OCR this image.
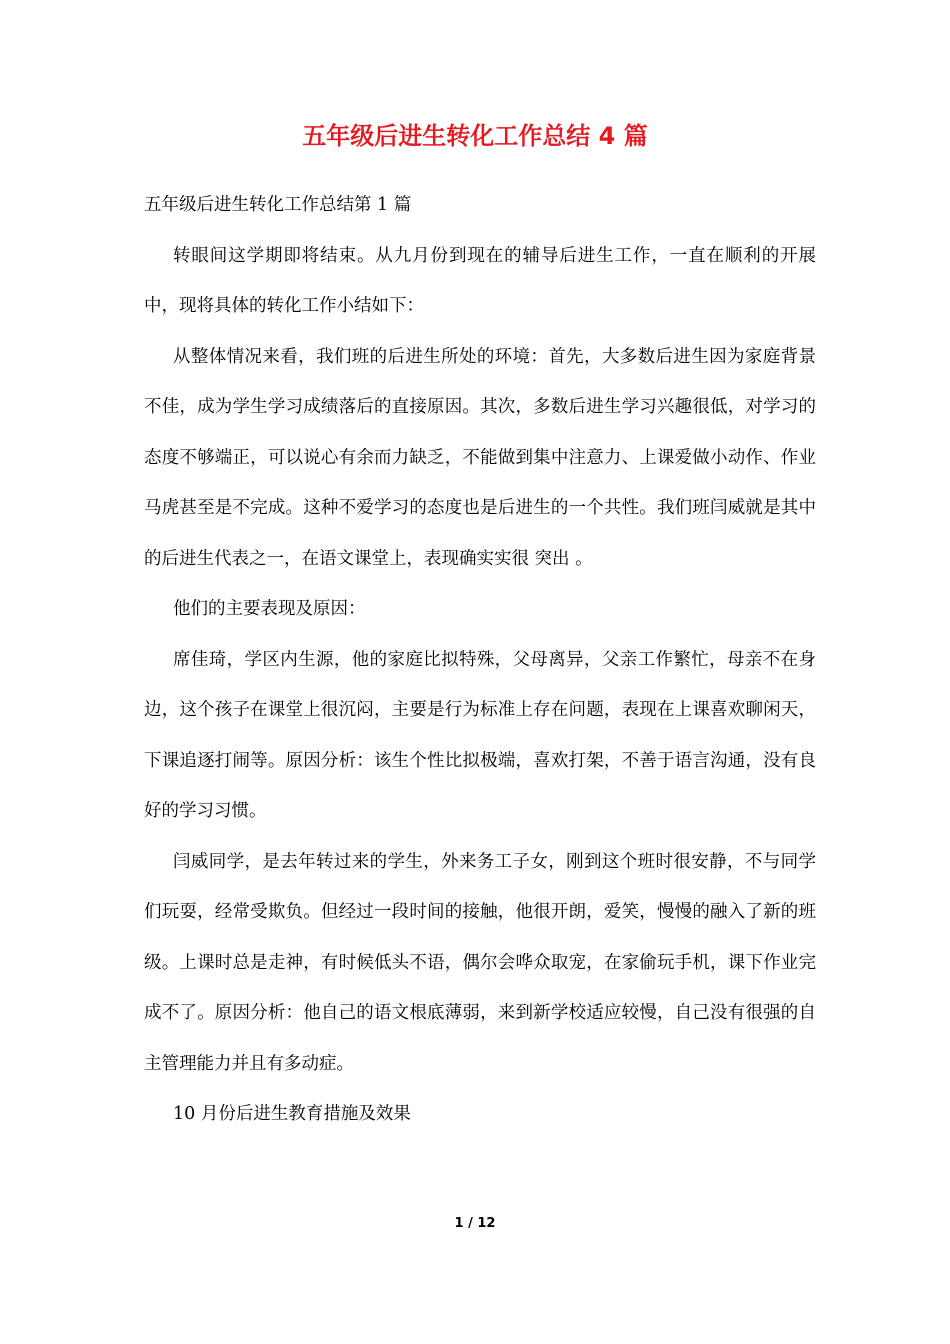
五年级后进生转化工作总结 4 篇

五年级后进生转化工作总结第 1 篇

转眼间这学期即将结束。从九月份到现在的辅导后进生工作，一直在顺利的开展中，现将具体的转化工作小结如下：

从整体情况来看，我们班的后进生所处的环境：首先，大多数后进生因为家庭背景不佳，成为学生学习成绩落后的直接原因。其次，多数后进生学习兴趣很低，对学习的态度不够端正，可以说心有余而力缺乏，不能做到集中注意力、上课爱做小动作、作业马虎甚至是不完成。这种不爱学习的态度也是后进生的一个共性。我们班闫威就是其中的后进生代表之一，在语文课堂上，表现确实实很 突出 。

他们的主要表现及原因：

席佳琦，学区内生源，他的家庭比拟特殊，父母离异，父亲工作繁忙，母亲不在身边，这个孩子在课堂上很沉闷，主要是行为标准上存在问题，表现在上课喜欢聊闲天，下课追逐打闹等。原因分析：该生个性比拟极端，喜欢打架，不善于语言沟通，没有良好的学习习惯。

闫威同学，是去年转过来的学生，外来务工子女，刚到这个班时很安静，不与同学们玩耍，经常受欺负。但经过一段时间的接触，他很开朗，爱笑，慢慢的融入了新的班级。上课时总是走神，有时候低头不语，偶尔会哗众取宠，在家偷玩手机，课下作业完成不了。原因分析：他自己的语文根底薄弱，来到新学校适应较慢，自己没有很强的自主管理能力并且有多动症。

10 月份后进生教育措施及效果

1 / 12
